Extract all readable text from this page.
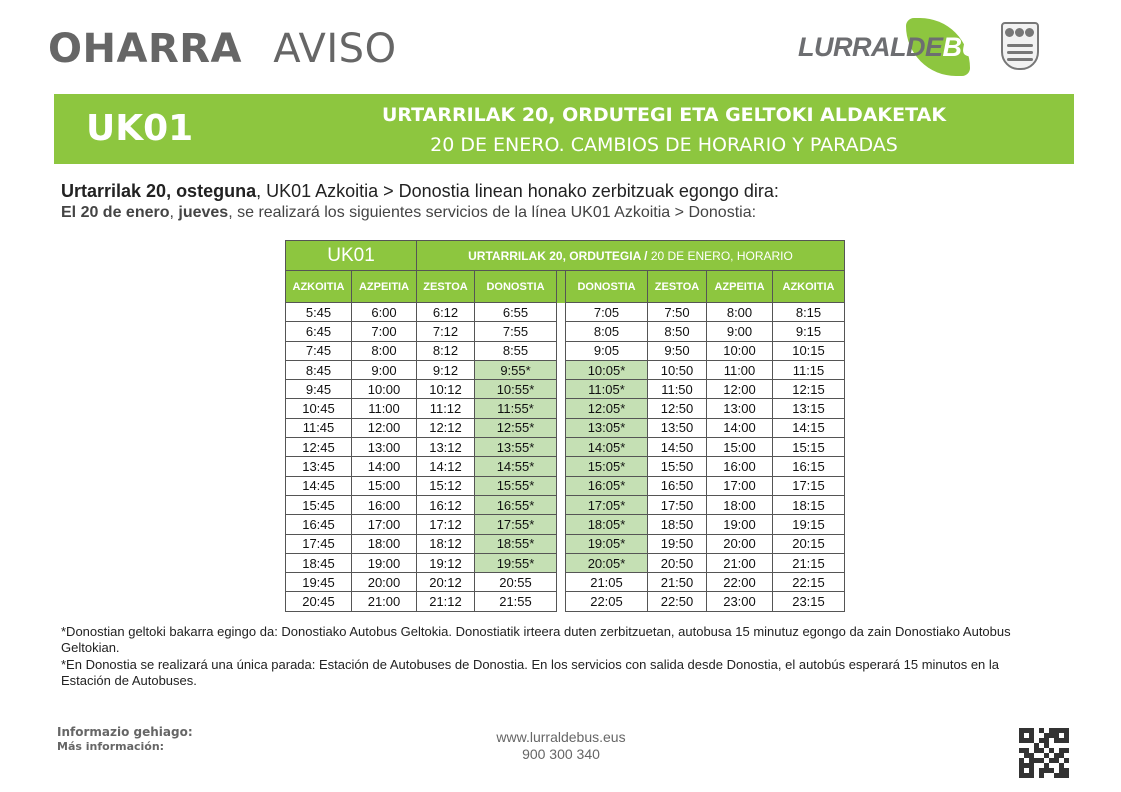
OHARRA AVISO	LURRALDEBUS
UK01	URTARRILAK 20, ORDUTEGI ETA GELTOKI ALDAKETAK
20 DE ENERO. CAMBIOS DE HORARIO Y PARADAS
Urtarrilak 20, osteguna, UK01 Azkoitia > Donostia linean honako zerbitzuak egongo dira:
El 20 de enero, jueves, se realizará los siguientes servicios de la línea UK01 Azkoitia > Donostia:
UK01		URTARRILAK 20, ORDUTEGIA / 20 DE ENERO, HORARIO						
AZKOITIA	AZPEITIA	ZESTOA	DONOSTIA		DONOSTIA	ZESTOA	AZPEITIA	AZKOITIA
5:45	6:00	6:12	6:55		7:05	7:50	8:00	8:15
6:45	7:00	7:12	7:55		8:05	8:50	9:00	9:15
7:45	8:00	8:12	8:55		9:05	9:50	10:00	10:15
8:45	9:00	9:12	9:55*		10:05*	10:50	11:00	11:15
9:45	10:00	10:12	10:55*		11:05*	11:50	12:00	12:15
10:45	11:00	11:12	11:55*		12:05*	12:50	13:00	13:15
11:45	12:00	12:12	12:55*		13:05*	13:50	14:00	14:15
12:45	13:00	13:12	13:55*		14:05*	14:50	15:00	15:15
13:45	14:00	14:12	14:55*		15:05*	15:50	16:00	16:15
14:45	15:00	15:12	15:55*		16:05*	16:50	17:00	17:15
15:45	16:00	16:12	16:55*		17:05*	17:50	18:00	18:15
16:45	17:00	17:12	17:55*		18:05*	18:50	19:00	19:15
17:45	18:00	18:12	18:55*		19:05*	19:50	20:00	20:15
18:45	19:00	19:12	19:55*		20:05*	20:50	21:00	21:15
19:45	20:00	20:12	20:55		21:05	21:50	22:00	22:15
20:45	21:00	21:12	21:55		22:05	22:50	23:00	23:15

*Donostian geltoki bakarra egingo da: Donostiako Autobus Geltokia. Donostiatik irteera duten zerbitzuetan, autobusa 15 minutuz egongo da zain Donostiako Autobus Geltokian.

*En Donostia se realizará una única parada: Estación de Autobuses de Donostia. En los servicios con salida desde Donostia, el autobús esperará 15 minutos en la Estación de Autobuses.

Informazio gehiago:
Más información:
www.lurraldebus.eus
900 300 340
